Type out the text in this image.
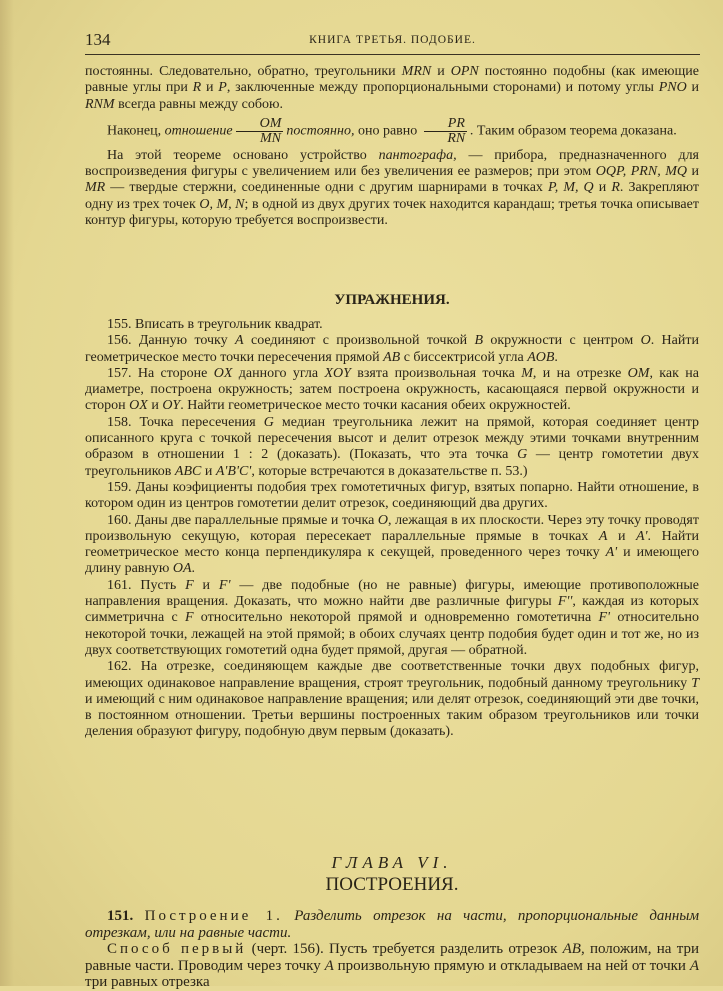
134	КНИГА ТРЕТЬЯ. ПОДОБИЕ.

постоянны. Следовательно, обратно, треугольники MRN и OPN постоянно подобны (как имеющие равные углы при R и P, заключенные между пропорциональными сторонами) и потому углы PNO и RNM всегда равны между собою.

Наконец, отношение $\frac{OM}{MN}$ постоянно, оно равно $\frac{PR}{RN}$ . Таким образом теорема доказана.

На этой теореме основано устройство пантографа, — прибора, предназначенного для воспроизведения фигуры с увеличением или без увеличения ее размеров; при этом OQP, PRN, MQ и MR — твердые стержни, соединенные одни с другим шарнирами в точках P, M, Q и R. Закрепляют одну из трех точек O, M, N; в одной из двух других точек находится карандаш; третья точка описывает контур фигуры, которую требуется воспроизвести.

УПРАЖНЕНИЯ.

155. Вписать в треугольник квадрат.

156. Данную точку A соединяют с произвольной точкой B окружности с центром O. Найти геометрическое место точки пересечения прямой AB с биссектрисой угла AOB.

157. На стороне OX данного угла XOY взята произвольная точка M, и на отрезке OM, как на диаметре, построена окружность; затем построена окружность, касающаяся первой окружности и сторон OX и OY. Найти геометрическое место точки касания обеих окружностей.

158. Точка пересечения G медиан треугольника лежит на прямой, которая соединяет центр описанного круга с точкой пересечения высот и делит отрезок между этими точками внутренним образом в отношении 1 : 2 (доказать). (Показать, что эта точка G — центр гомотетии двух треугольников ABC и A'B'C', которые встречаются в доказательстве п. 53.)

159. Даны коэфициенты подобия трех гомотетичных фигур, взятых попарно. Найти отношение, в котором один из центров гомотетии делит отрезок, соединяющий два других.

160. Даны две параллельные прямые и точка O, лежащая в их плоскости. Через эту точку проводят произвольную секущую, которая пересекает параллельные прямые в точках A и A'. Найти геометрическое место конца перпендикуляра к секущей, проведенного через точку A' и имеющего длину равную OA.

161. Пусть F и F' — две подобные (но не равные) фигуры, имеющие противоположные направления вращения. Доказать, что можно найти две различные фигуры F'', каждая из которых симметрична с F относительно некоторой прямой и одновременно гомотетична F' относительно некоторой точки, лежащей на этой прямой; в обоих случаях центр подобия будет один и тот же, но из двух соответствующих гомотетий одна будет прямой, другая — обратной.

162. На отрезке, соединяющем каждые две соответственные точки двух подобных фигур, имеющих одинаковое направление вращения, строят треугольник, подобный данному треугольнику T и имеющий с ним одинаковое направление вращения; или делят отрезок, соединяющий эти две точки, в постоянном отношении. Третьи вершины построенных таким образом треугольников или точки деления образуют фигуру, подобную двум первым (доказать).

ГЛАВА VI.
ПОСТРОЕНИЯ.

151. Построение 1. Разделить отрезок на части, пропорциональные данным отрезкам, или на равные части.

Способ первый (черт. 156). Пусть требуется разделить отрезок AB, положим, на три равные части. Проводим через точку A произвольную прямую и откладываем на ней от точки A три равных отрезка
